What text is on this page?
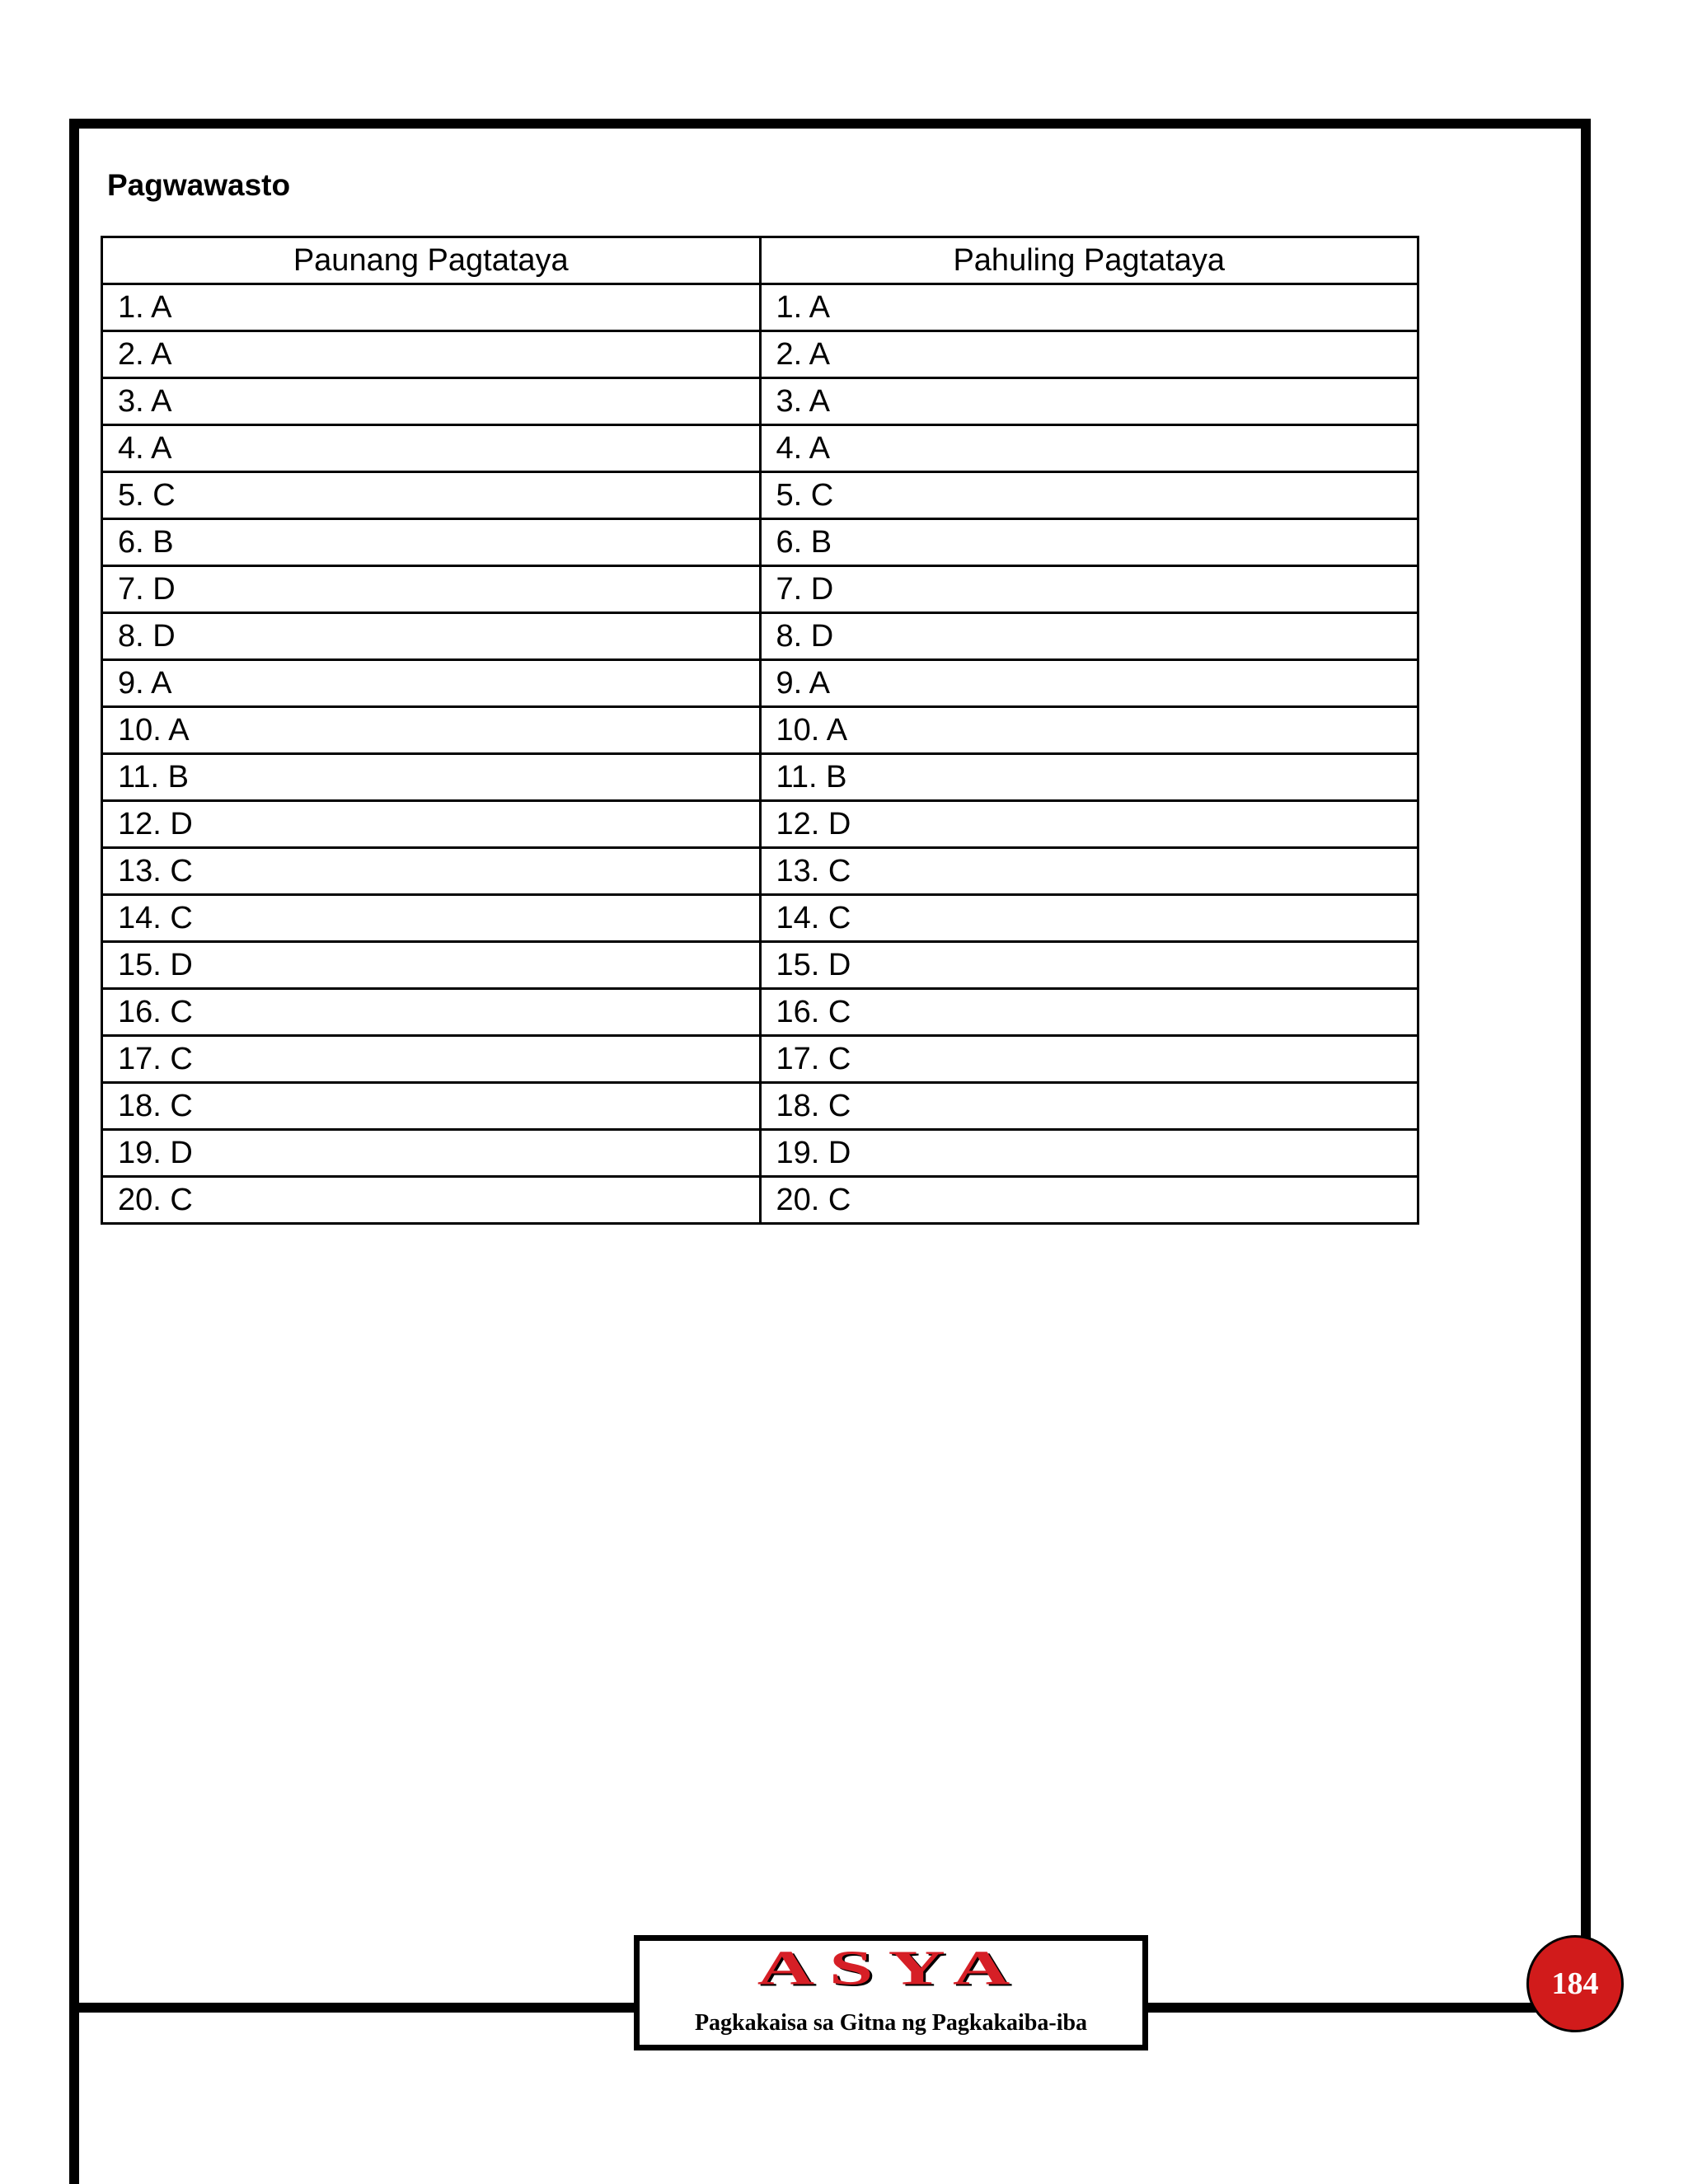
Pagwawasto
Paunang Pagtataya	Pahuling Pagtataya
1. A	1. A
2. A	2. A
3. A	3. A
4. A	4. A
5. C	5. C
6. B	6. B
7. D	7. D
8. D	8. D
9. A	9. A
10. A	10. A
11. B	11. B
12. D	12. D
13. C	13. C
14. C	14. C
15. D	15. D
16. C	16. C
17. C	17. C
18. C	18. C
19. D	19. D
20. C	20. C
ASYA
Pagkakaisa sa Gitna ng Pagkakaiba-iba
184
